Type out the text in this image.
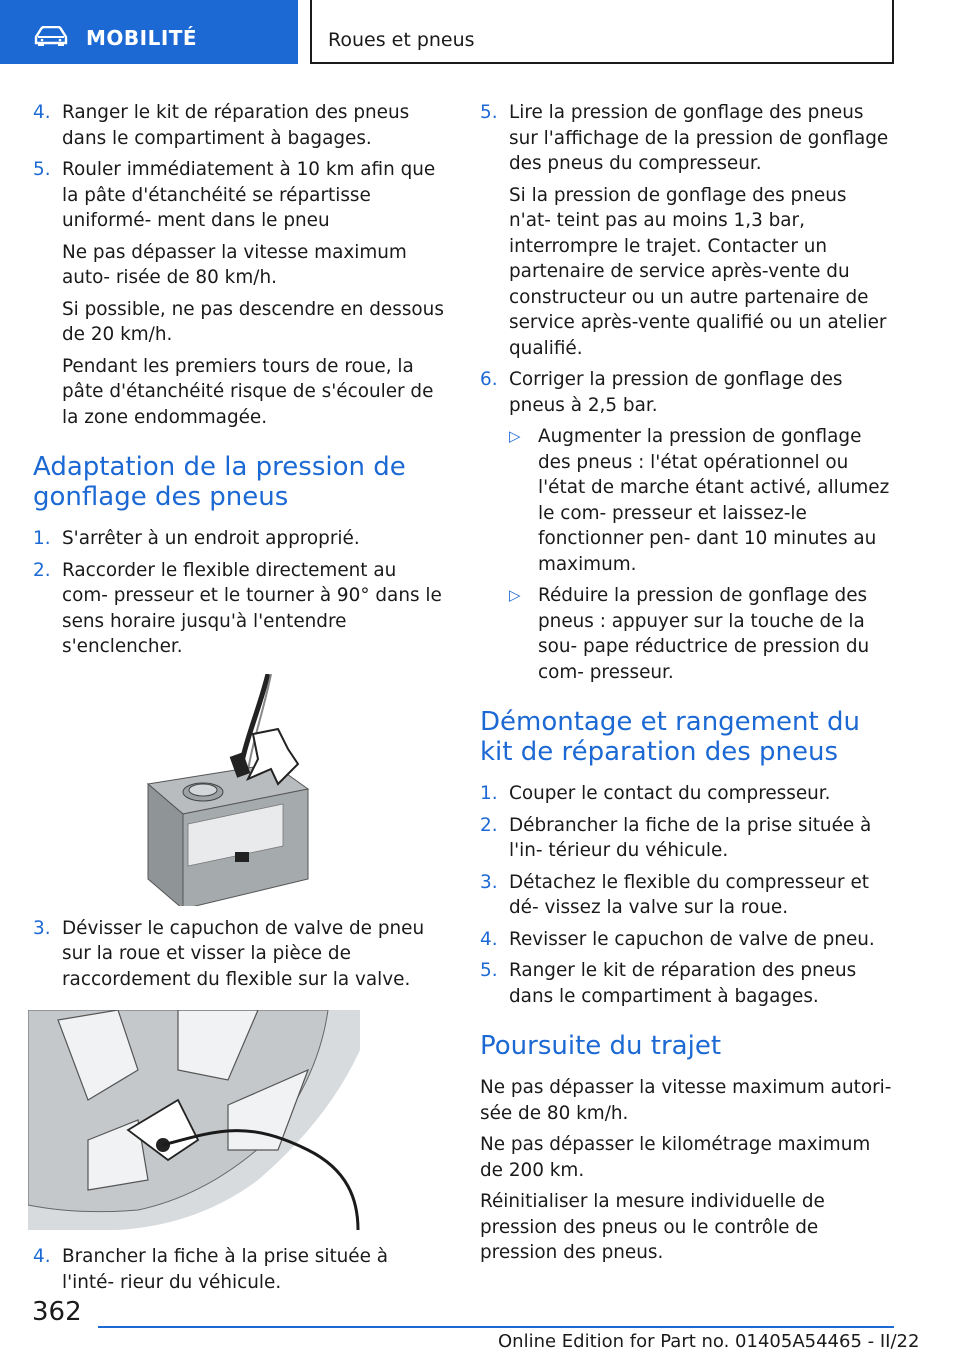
MOBILITÉ	Roues et pneus
4. Ranger le kit de réparation des pneus dans le compartiment à bagages.

5. Rouler immédiatement à 10 km afin que la pâte d'étanchéité se répartisse uniformé‐ ment dans le pneu

Ne pas dépasser la vitesse maximum auto‐ risée de 80 km/h.

Si possible, ne pas descendre en dessous de 20 km/h.

Pendant les premiers tours de roue, la pâte d'étanchéité risque de s'écouler de la zone endommagée.

Adaptation de la pression de gonflage des pneus
1. S'arrêter à un endroit approprié.

2. Raccorder le flexible directement au com‐ presseur et le tourner à 90° dans le sens horaire jusqu'à l'entendre s'enclencher.

3. Dévisser le capuchon de valve de pneu sur la roue et visser la pièce de raccordement du flexible sur la valve.

4. Brancher la fiche à la prise située à l'inté‐ rieur du véhicule.

5. Lire la pression de gonflage des pneus sur l'affichage de la pression de gonflage des pneus du compresseur.

Si la pression de gonflage des pneus n'at‐ teint pas au moins 1,3 bar, interrompre le trajet. Contacter un partenaire de service après-vente du constructeur ou un autre partenaire de service après-vente qualifié ou un atelier qualifié.

6. Corriger la pression de gonflage des pneus à 2,5 bar.

▷ Augmenter la pression de gonflage des pneus : l'état opérationnel ou l'état de marche étant activé, allumez le com‐ presseur et laissez-le fonctionner pen‐ dant 10 minutes au maximum.

▷ Réduire la pression de gonflage des pneus : appuyer sur la touche de la sou‐ pape réductrice de pression du com‐ presseur.

Démontage et rangement du kit de réparation des pneus
1. Couper le contact du compresseur.

2. Débrancher la fiche de la prise située à l'in‐ térieur du véhicule.

3. Détachez le flexible du compresseur et dé‐ vissez la valve sur la roue.

4. Revisser le capuchon de valve de pneu.

5. Ranger le kit de réparation des pneus dans le compartiment à bagages.

Poursuite du trajet

Ne pas dépasser la vitesse maximum autori‐ sée de 80 km/h.

Ne pas dépasser le kilométrage maximum de 200 km.

Réinitialiser la mesure individuelle de pression des pneus ou le contrôle de pression des pneus.

362
Online Edition for Part no. 01405A54465 - II/22
